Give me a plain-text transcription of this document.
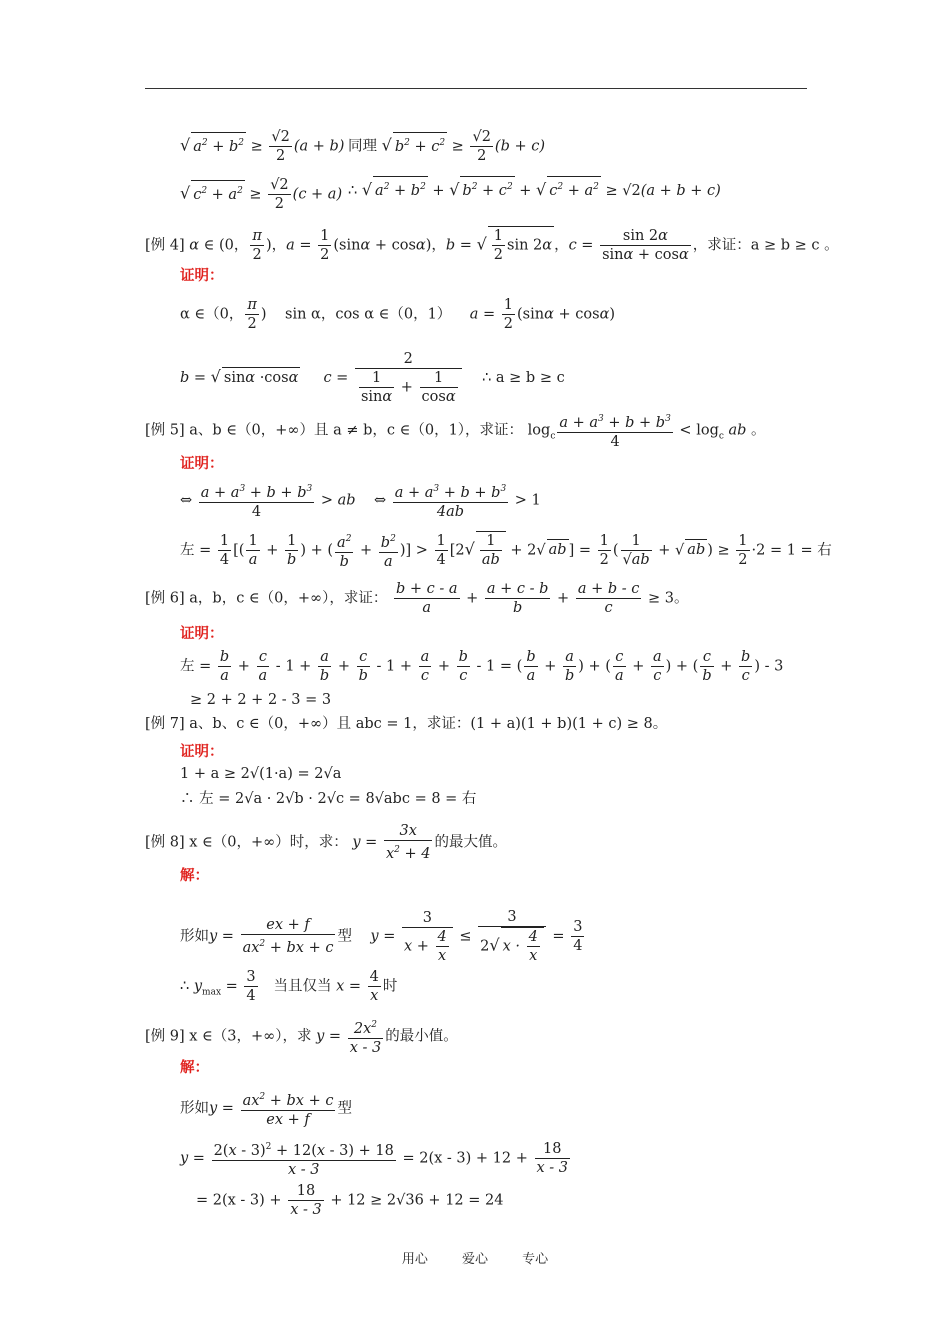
√ $a^2 + b^2 \ge \frac{√2}{2} (a + b)$ 同理 √ $b^2 + c^2 \ge \frac{√2}{2} (b + c)$
√ $c^2 + a^2 \ge \frac{√2}{2} (c + a)$ ∴ √ $a^2 + b^2$ + √ $b^2 + c^2$ + √ $c^2 + a^2 \ge √2(a + b + c)$
[例 4] α ∈ (0， $\frac{\pi}{2}$ )，$a = \frac{1}{2} (\sin\alpha + \cos\alpha)$，b = √ $\frac{1}{2}$ sin 2α ，$c = \frac{\sin 2\alpha}{\sin\alpha + \cos\alpha}$ ，求证：a ≥ b ≥ c 。
证明：
α ∈（0， $\frac{\pi}{2}$ )    sin α，cos α ∈（0，1） $a = \frac{1}{2} (\sin\alpha + \cos\alpha)$
b = √ sinα ·cosα $c = \frac{2}{\frac{1}{\sin\alpha} + \frac{1}{\cos\alpha}}$ ∴ a ≥ b ≥ c
[例 5] a、b ∈（0，+∞）且 a ≠ b，c ∈（0，1），求证： $\log_c \frac{a + a^3 + b + b^3}{4} < \log_c$ ab 。
证明：
⇔ $\frac{a + a^3 + b + b^3}{4}$ > ab    ⇔ $\frac{a + a^3 + b + b^3}{4ab} > 1$
左 = $\frac{1}{4}$ [( $\frac{1}{a} + \frac{1}{b}$ ) + ( $\frac{a^2}{b} + \frac{b^2}{a}$ )] > $\frac{1}{4} [2√ \frac{1}{ab} + 2√$ ab ] = $\frac{1}{2}$ ( $\frac{1}{√ab}$ + √ ab ) ≥ $\frac{1}{2} \cdot 2 = 1$ = 右
[例 6] a，b，c ∈（0，+∞），求证： $\frac{b + c - a}{a} + \frac{a + c - b}{b} + \frac{a + b - c}{c} \ge 3$。
证明：
左 = $\frac{b}{a} + \frac{c}{a} - 1 + \frac{a}{b} + \frac{c}{b} - 1 + \frac{a}{c} + \frac{b}{c} - 1$ = ( $\frac{b}{a} + \frac{a}{b}$ ) + ( $\frac{c}{a} + \frac{a}{c}$ ) + ( $\frac{c}{b} + \frac{b}{c}$ ) - 3
≥ 2 + 2 + 2 - 3 = 3
[例 7] a、b、c ∈（0，+∞）且 abc = 1，求证：(1 + a)(1 + b)(1 + c) ≥ 8。
证明：
1 + a ≥ 2√(1·a) = 2√a
∴ 左 = 2√a · 2√b · 2√c = 8√abc = 8 = 右
[例 8] x ∈（0，+∞）时，求： $y = \frac{3x}{x^2 + 4}$ 的最大值。
解：
形如$y = \frac{ex + f}{ax^2 + bx + c}$ 型 $y = \frac{3}{x + \frac{4}{x}} \le \frac{3}{2√ x \cdot \frac{4}{x}} = \frac{3}{4}$
∴ $y_{max} = \frac{3}{4}$ 当且仅当 $x = \frac{4}{x}$ 时
[例 9] x ∈（3，+∞），求 $y = \frac{2x^2}{x - 3}$ 的最小值。
解：
形如$y = \frac{ax^2 + bx + c}{ex + f}$ 型
$y = \frac{2(x - 3)^2 + 12(x - 3) + 18}{x - 3} = 2(x - 3) + 12 + \frac{18}{x - 3}$
= $2(x - 3) + \frac{18}{x - 3} + 12 \ge 2√36 + 12 = 24$
用心 爱心 专心
